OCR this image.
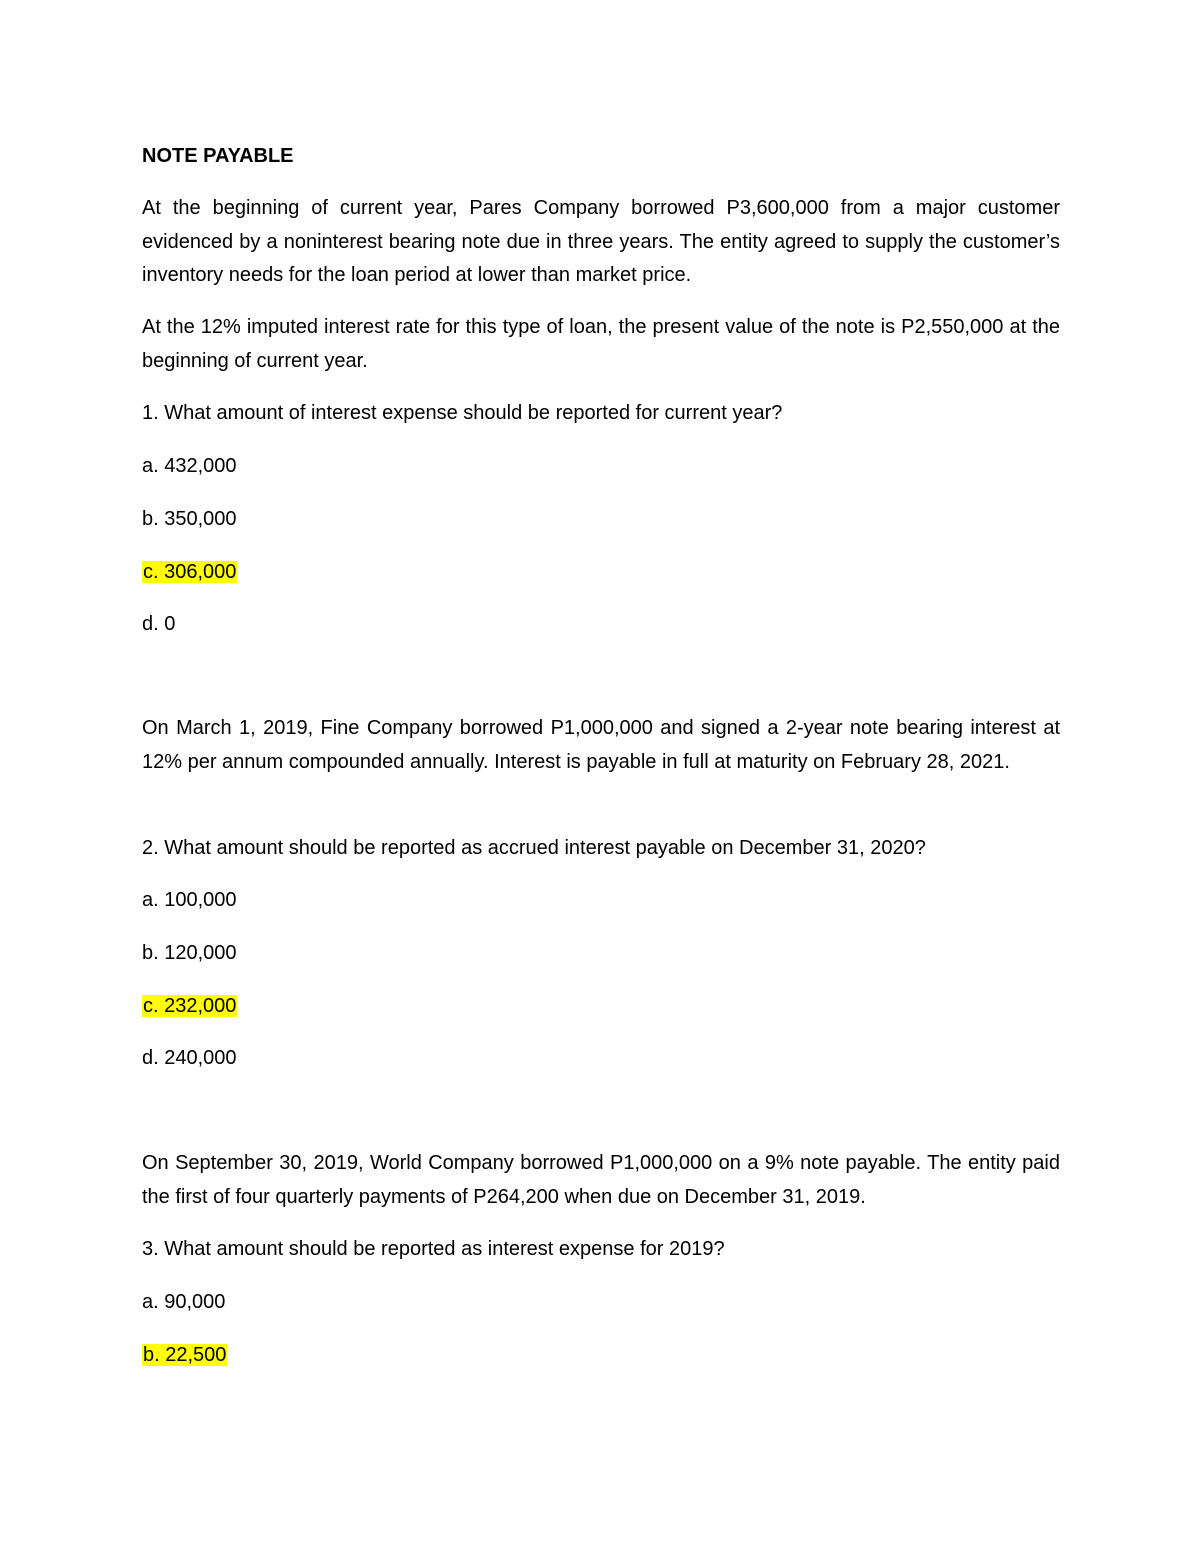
NOTE PAYABLE
At the beginning of current year, Pares Company borrowed P3,600,000 from a major customer evidenced by a noninterest bearing note due in three years. The entity agreed to supply the customer’s inventory needs for the loan period at lower than market price.
At the 12% imputed interest rate for this type of loan, the present value of the note is P2,550,000 at the beginning of current year.
1. What amount of interest expense should be reported for current year?
a. 432,000
b. 350,000
c. 306,000
d. 0
On March 1, 2019, Fine Company borrowed P1,000,000 and signed a 2-year note bearing interest at 12% per annum compounded annually. Interest is payable in full at maturity on February 28, 2021.
2. What amount should be reported as accrued interest payable on December 31, 2020?
a. 100,000
b. 120,000
c. 232,000
d. 240,000
On September 30, 2019, World Company borrowed P1,000,000 on a 9% note payable. The entity paid the first of four quarterly payments of P264,200 when due on December 31, 2019.
3. What amount should be reported as interest expense for 2019?
a. 90,000
b. 22,500
